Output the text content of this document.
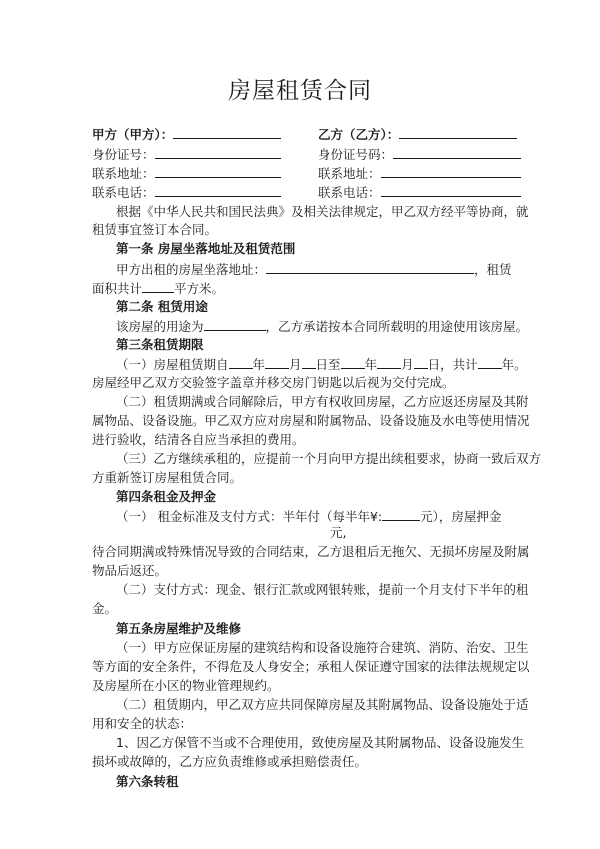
房屋租赁合同
甲方（甲方）：	乙方（乙方）：
身份证号：	身份证号码：
联系地址：	联系地址：
联系电话：	联系电话：
根据《中华人民共和国民法典》及相关法律规定，甲乙双方经平等协商，就
租赁事宜签订本合同。
第一条 房屋坐落地址及租赁范围
甲方出租的房屋坐落地址：	，租赁
面积共计	平方米。
第二条 租赁用途
该房屋的用途为	，乙方承诺按本合同所载明的用途使用该房屋。
第三条租赁期限
（一）房屋租赁期自 年 月 日至 年 月 日，共计 年。
房屋经甲乙双方交验签字盖章并移交房门钥匙以后视为交付完成。
（二）租赁期满或合同解除后，甲方有权收回房屋，乙方应返还房屋及其附
属物品、设备设施。甲乙双方应对房屋和附属物品、设备设施及水电等使用情况
进行验收，结清各自应当承担的费用。
（三）乙方继续承租的，应提前一个月向甲方提出续租要求，协商一致后双方
方重新签订房屋租赁合同。
第四条租金及押金
（一） 租金标准及支付方式：半年付（每半年¥:	元），房屋押金
元,
待合同期满或特殊情况导致的合同结束，乙方退租后无拖欠、无损坏房屋及附属
物品后返还。
（二）支付方式：现金、银行汇款或网银转账，提前一个月支付下半年的租
金。
第五条房屋维护及维修
（一）甲方应保证房屋的建筑结构和设备设施符合建筑、消防、治安、卫生
等方面的安全条件，不得危及人身安全；承租人保证遵守国家的法律法规规定以
及房屋所在小区的物业管理规约。
（二）租赁期内，甲乙双方应共同保障房屋及其附属物品、设备设施处于适
用和安全的状态：
1、因乙方保管不当或不合理使用，致使房屋及其附属物品、设备设施发生
损坏或故障的，乙方应负责维修或承担赔偿责任。
第六条转租
